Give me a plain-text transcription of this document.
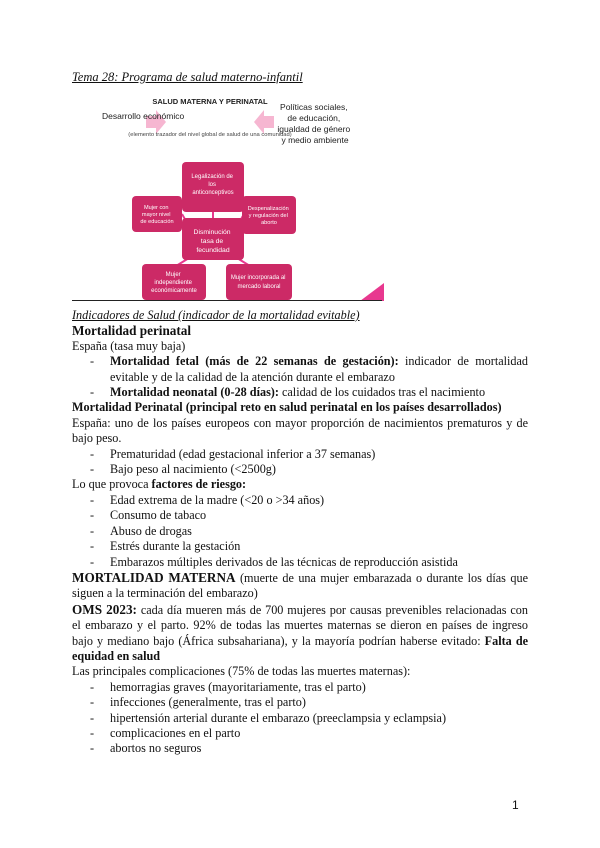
Tema 28: Programa de salud materno-infantil
Desarrollo económico
SALUD MATERNA Y PERINATAL
(elemento trazador del nivel global de salud de una comunidad)
Políticas sociales, de educación, igualdad de género y medio ambiente
Legalización de los anticonceptivos
Mujer con mayor nivel de educación
Despenalización y regulación del aborto
Disminución tasa de fecundidad
Mujer independiente económicamente
Mujer incorporada al mercado laboral

Indicadores de Salud (indicador de la mortalidad evitable)

Mortalidad perinatal

España (tasa muy baja)

- Mortalidad fetal (más de 22 semanas de gestación): indicador de mortalidad evitable y de la calidad de la atención durante el embarazo
- Mortalidad neonatal (0-28 días): calidad de los cuidados tras el nacimiento

Mortalidad Perinatal (principal reto en salud perinatal en los países desarrollados)

España: uno de los países europeos con mayor proporción de nacimientos prematuros y de bajo peso.

- Prematuridad (edad gestacional inferior a 37 semanas)
- Bajo peso al nacimiento (<2500g)

Lo que provoca factores de riesgo:

- Edad extrema de la madre (<20 o >34 años)
- Consumo de tabaco
- Abuso de drogas
- Estrés durante la gestación
- Embarazos múltiples derivados de las técnicas de reproducción asistida

MORTALIDAD MATERNA (muerte de una mujer embarazada o durante los días que siguen a la terminación del embarazo)

OMS 2023: cada día mueren más de 700 mujeres por causas prevenibles relacionadas con el embarazo y el parto. 92% de todas las muertes maternas se dieron en países de ingreso bajo y mediano bajo (África subsahariana), y la mayoría podrían haberse evitado: Falta de equidad en salud

Las principales complicaciones (75% de todas las muertes maternas):

- hemorragias graves (mayoritariamente, tras el parto)
- infecciones (generalmente, tras el parto)
- hipertensión arterial durante el embarazo (preeclampsia y eclampsia)
- complicaciones en el parto
- abortos no seguros
1
